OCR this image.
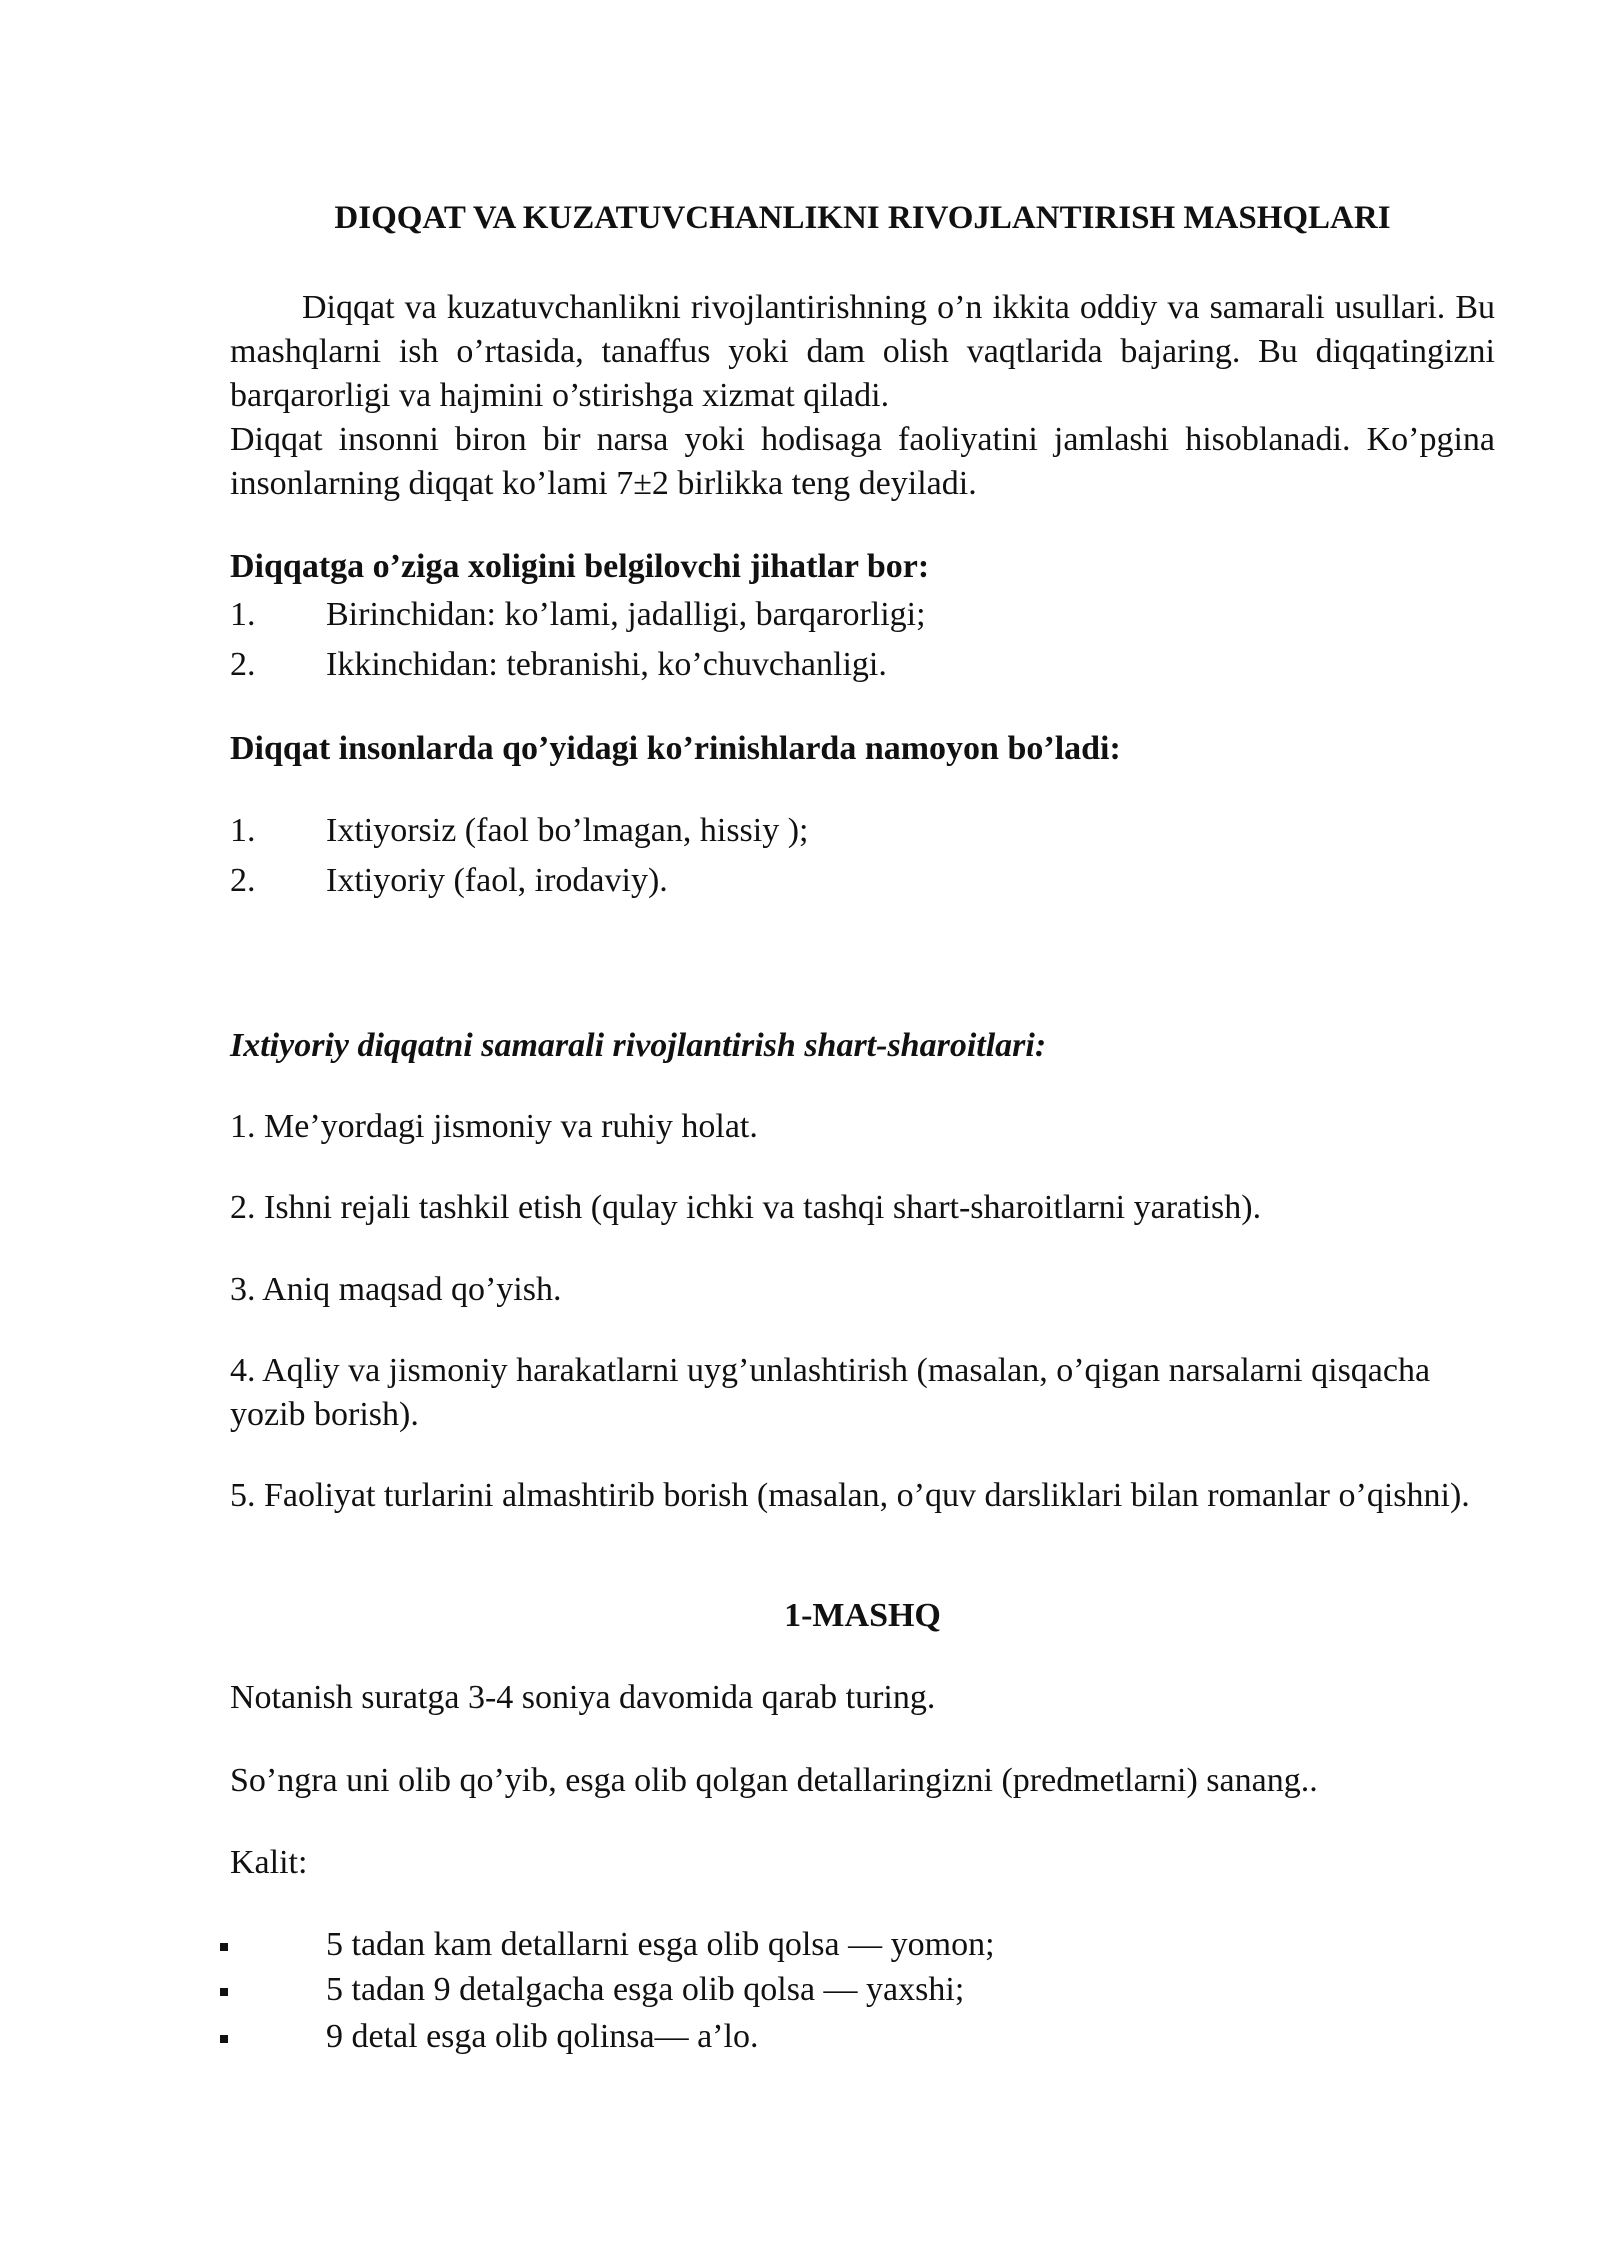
DIQQAT VA KUZATUVCHANLIKNI RIVOJLANTIRISH MASHQLARI

Diqqat va kuzatuvchanlikni rivojlantirishning o’n ikkita oddiy va samarali usullari. Bu mashqlarni ish o’rtasida, tanaffus yoki dam olish vaqtlarida bajaring. Bu diqqatingizni barqarorligi va hajmini o’stirishga xizmat qiladi.

Diqqat insonni biron bir narsa yoki hodisaga faoliyatini jamlashi hisoblanadi. Ko’pgina insonlarning diqqat ko’lami 7±2 birlikka teng deyiladi.

Diqqatga o’ziga xoligini belgilovchi jihatlar bor:

1. Birinchidan: ko’lami, jadalligi, barqarorligi;
2. Ikkinchidan: tebranishi, ko’chuvchanligi.

Diqqat insonlarda qo’yidagi ko’rinishlarda namoyon bo’ladi:

1. Ixtiyorsiz (faol bo’lmagan, hissiy );
2. Ixtiyoriy (faol, irodaviy).

Ixtiyoriy diqqatni samarali rivojlantirish shart-sharoitlari:

1. Me’yordagi jismoniy va ruhiy holat.

2. Ishni rejali tashkil etish (qulay ichki va tashqi shart-sharoitlarni yaratish).

3. Aniq maqsad qo’yish.

4. Aqliy va jismoniy harakatlarni uyg’unlashtirish (masalan, o’qigan narsalarni qisqacha yozib borish).

5. Faoliyat turlarini almashtirib borish (masalan, o’quv darsliklari bilan romanlar o’qishni).

1-MASHQ

Notanish suratga 3-4 soniya davomida qarab turing.

So’ngra uni olib qo’yib, esga olib qolgan detallaringizni (predmetlarni) sanang..

Kalit:

5 tadan kam detallarni esga olib qolsa — yomon;
5 tadan 9 detalgacha esga olib qolsa — yaxshi;
9 detal esga olib qolinsa— a’lo.
